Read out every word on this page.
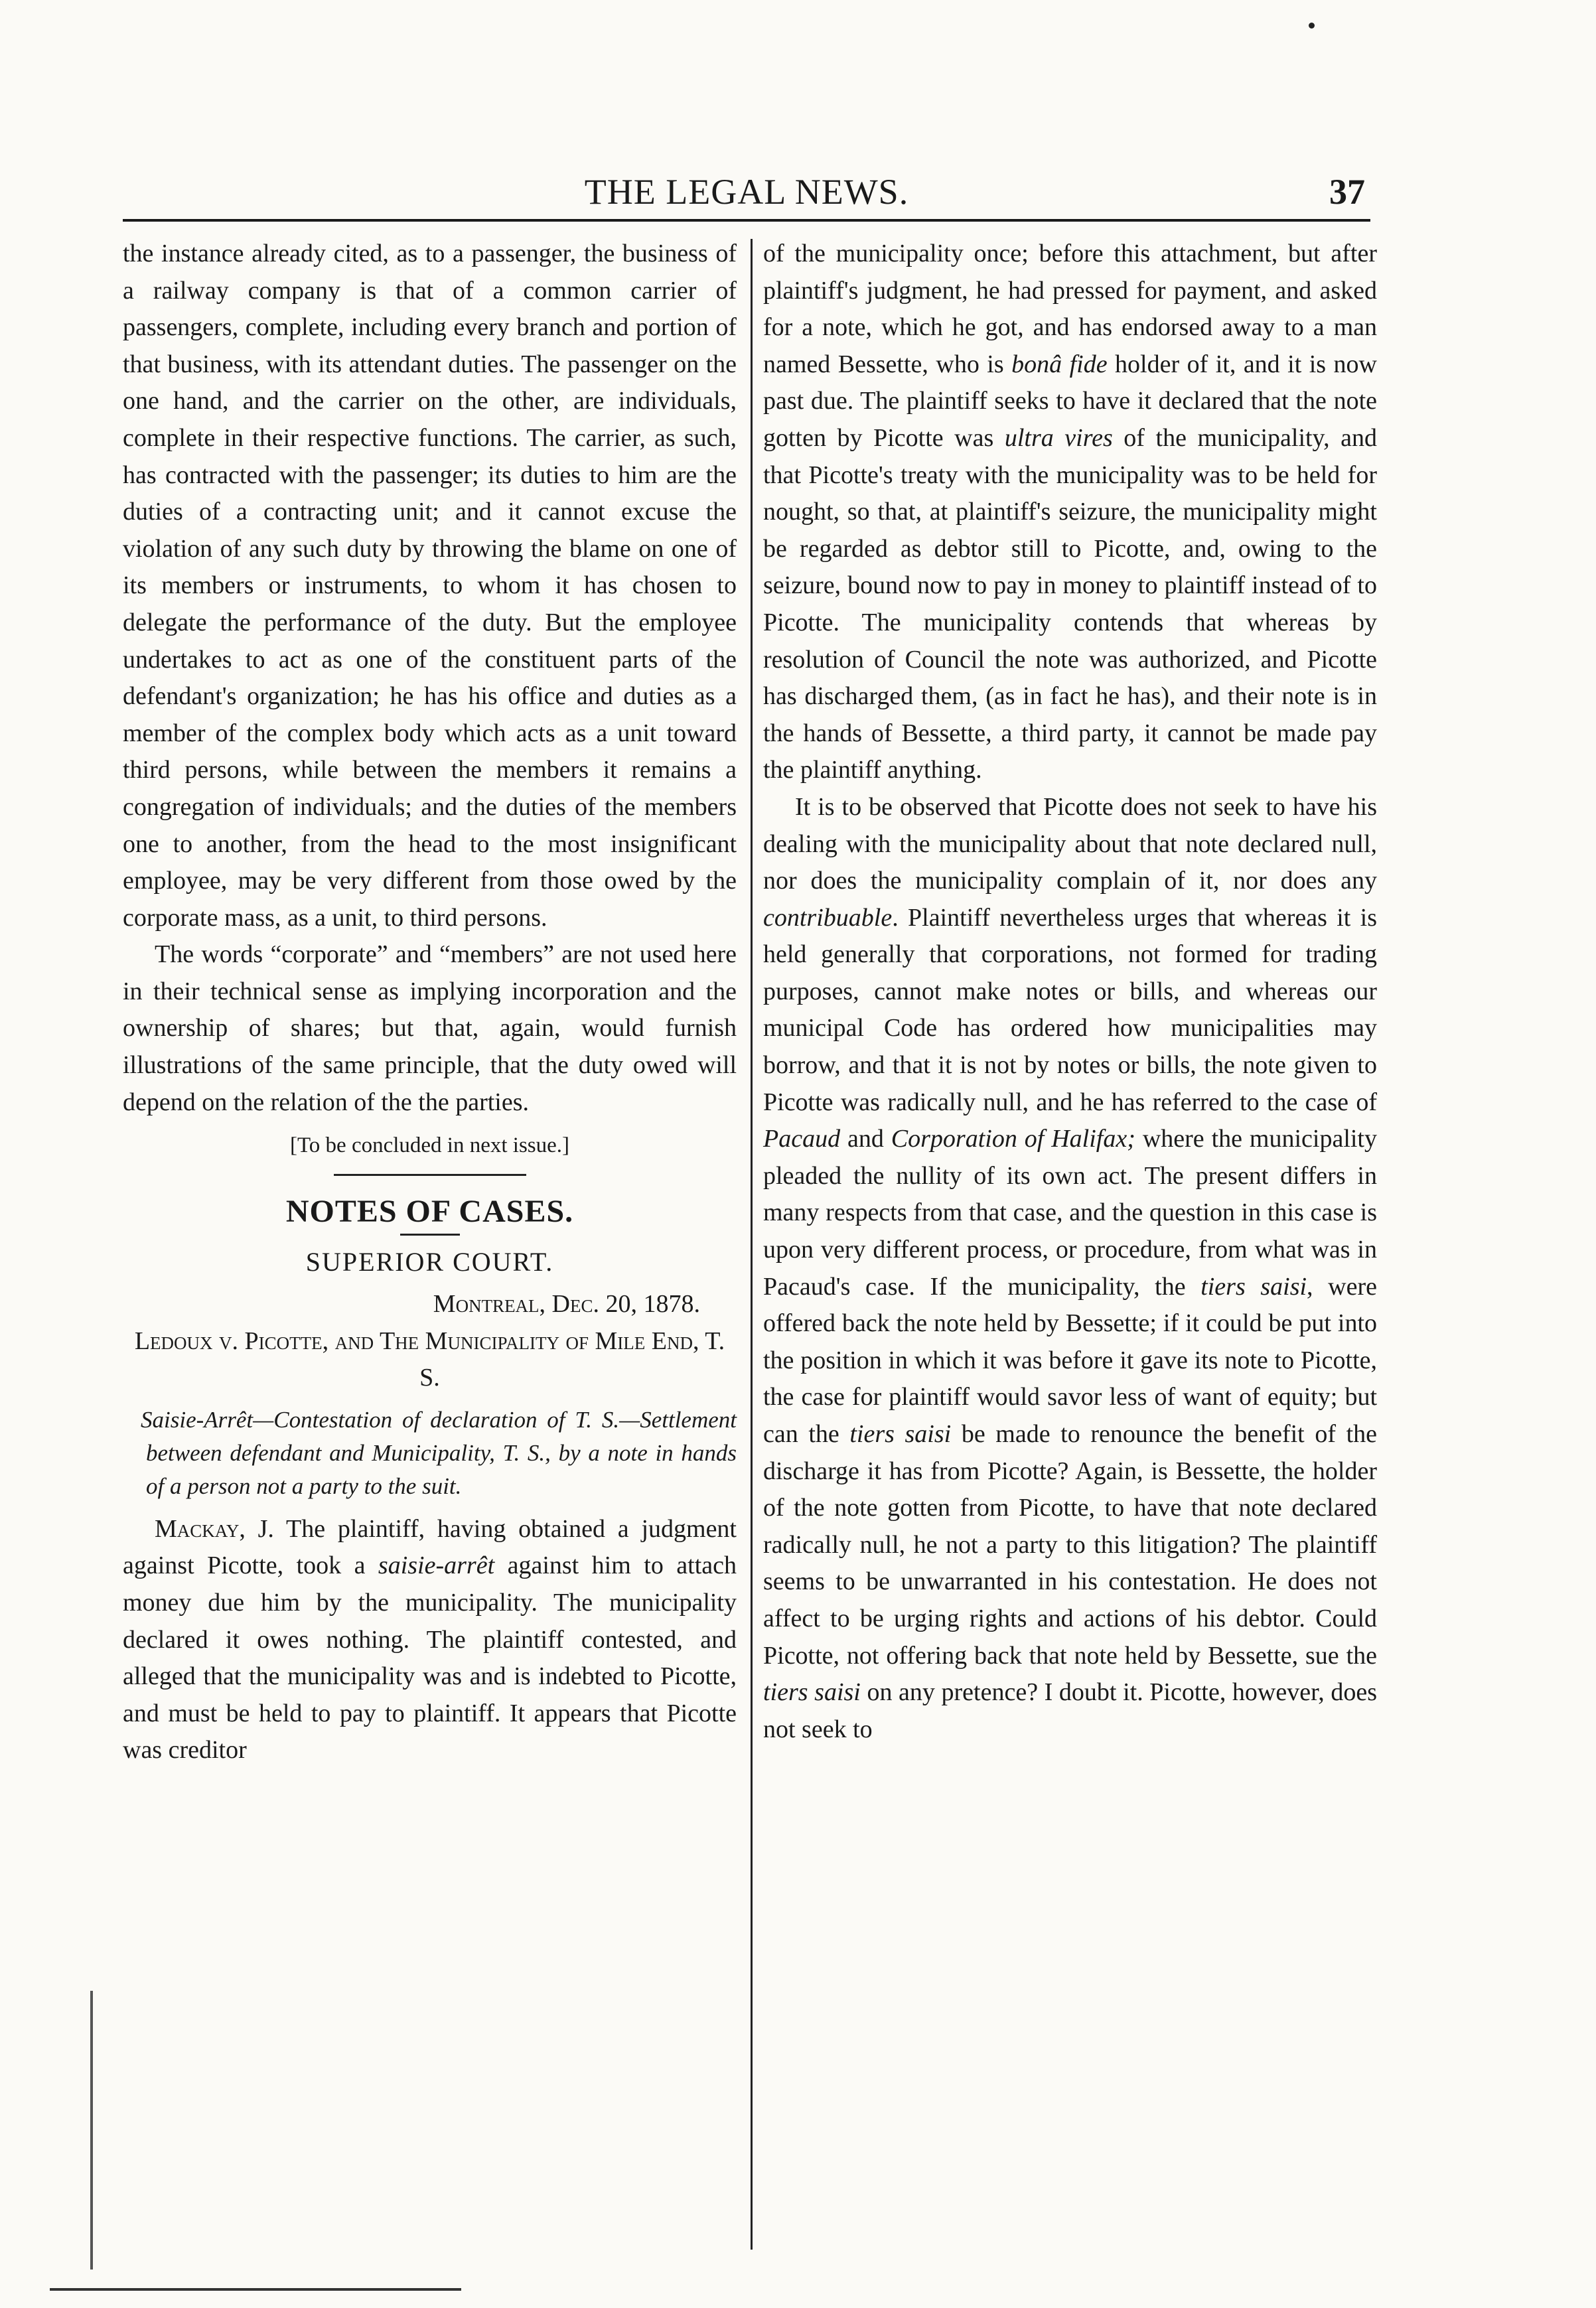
THE LEGAL NEWS.	37

the instance already cited, as to a passenger, the business of a railway company is that of a common carrier of passengers, complete, including every branch and portion of that business, with its attendant duties. The passenger on the one hand, and the carrier on the other, are individuals, complete in their respective functions. The carrier, as such, has contracted with the passenger; its duties to him are the duties of a contracting unit; and it cannot excuse the violation of any such duty by throwing the blame on one of its members or instruments, to whom it has chosen to delegate the performance of the duty. But the employee undertakes to act as one of the constituent parts of the defendant's organization; he has his office and duties as a member of the complex body which acts as a unit toward third persons, while between the members it remains a congregation of individuals; and the duties of the members one to another, from the head to the most insignificant employee, may be very different from those owed by the corporate mass, as a unit, to third persons.

The words “corporate” and “members” are not used here in their technical sense as implying incorporation and the ownership of shares; but that, again, would furnish illustrations of the same principle, that the duty owed will depend on the relation of the the parties.

[To be concluded in next issue.]

NOTES OF CASES.

SUPERIOR COURT.

Montreal, Dec. 20, 1878.

Ledoux v. Picotte, and The Municipality of Mile End, T. S.

Saisie-Arrêt—Contestation of declaration of T. S.—Settlement between defendant and Municipality, T. S., by a note in hands of a person not a party to the suit.

Mackay, J. The plaintiff, having obtained a judgment against Picotte, took a saisie-arrêt against him to attach money due him by the municipality. The municipality declared it owes nothing. The plaintiff contested, and alleged that the municipality was and is indebted to Picotte, and must be held to pay to plaintiff. It appears that Picotte was creditor

of the municipality once; before this attachment, but after plaintiff's judgment, he had pressed for payment, and asked for a note, which he got, and has endorsed away to a man named Bessette, who is bonâ fide holder of it, and it is now past due. The plaintiff seeks to have it declared that the note gotten by Picotte was ultra vires of the municipality, and that Picotte's treaty with the municipality was to be held for nought, so that, at plaintiff's seizure, the municipality might be regarded as debtor still to Picotte, and, owing to the seizure, bound now to pay in money to plaintiff instead of to Picotte. The municipality contends that whereas by resolution of Council the note was authorized, and Picotte has discharged them, (as in fact he has), and their note is in the hands of Bessette, a third party, it cannot be made pay the plaintiff anything.

It is to be observed that Picotte does not seek to have his dealing with the municipality about that note declared null, nor does the municipality complain of it, nor does any contribuable. Plaintiff nevertheless urges that whereas it is held generally that corporations, not formed for trading purposes, cannot make notes or bills, and whereas our municipal Code has ordered how municipalities may borrow, and that it is not by notes or bills, the note given to Picotte was radically null, and he has referred to the case of Pacaud and Corporation of Halifax; where the municipality pleaded the nullity of its own act. The present differs in many respects from that case, and the question in this case is upon very different process, or procedure, from what was in Pacaud's case. If the municipality, the tiers saisi, were offered back the note held by Bessette; if it could be put into the position in which it was before it gave its note to Picotte, the case for plaintiff would savor less of want of equity; but can the tiers saisi be made to renounce the benefit of the discharge it has from Picotte? Again, is Bessette, the holder of the note gotten from Picotte, to have that note declared radically null, he not a party to this litigation? The plaintiff seems to be unwarranted in his contestation. He does not affect to be urging rights and actions of his debtor. Could Picotte, not offering back that note held by Bessette, sue the tiers saisi on any pretence? I doubt it. Picotte, however, does not seek to
